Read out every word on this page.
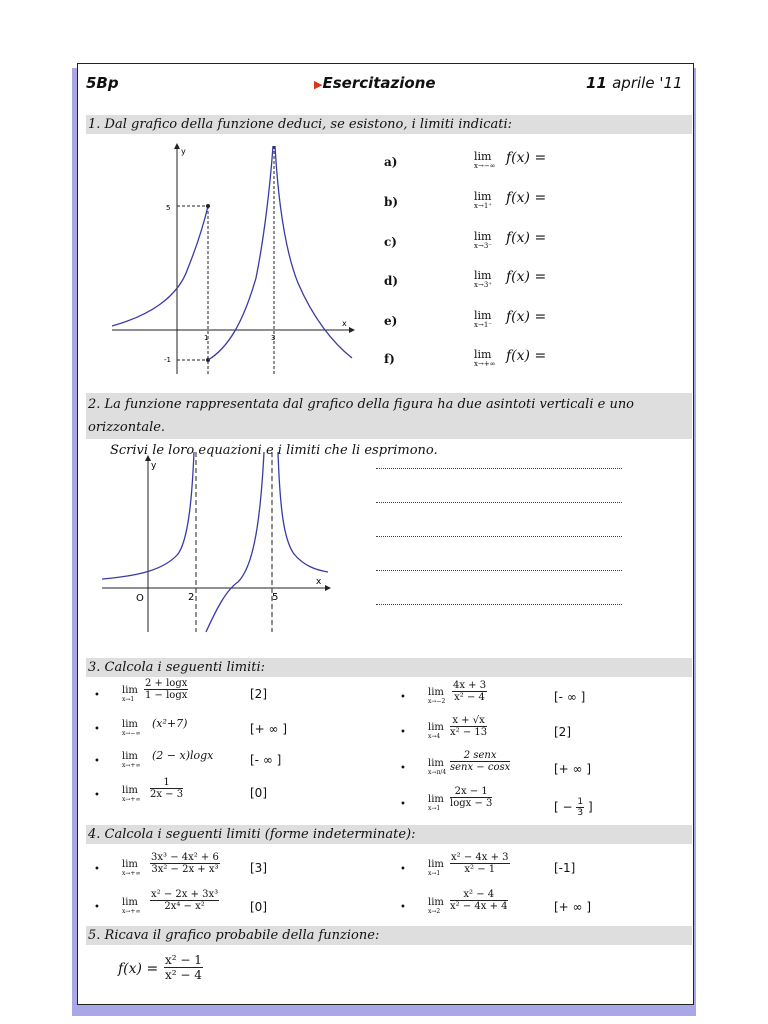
5Bp	▶Esercitazione	11 aprile '11
1. Dal grafico della funzione deduci, se esistono, i limiti indicati:
y
x
5
1	3
-1
a)	lim
x→−∞ f(x) =
b)	lim
x→1⁺ f(x) =
c)	lim
x→3⁻ f(x) =
d)	lim
x→3⁺ f(x) =
e)	lim
x→1⁻ f(x) =
f)	lim
x→+∞ f(x) =
2. La funzione rappresentata dal grafico della figura ha due asintoti verticali e uno orizzontale.
Scrivi le loro equazioni e i limiti che li esprimono.
y
x
O	2	5
3. Calcola i seguenti limiti:
• lim
$x\to 1 \frac{2 + \log x}{1 - \log x}$	[2]
• lim
x→−∞
(x²+7)	[+ ∞ ]
• lim
x→+∞
(2 − x)logx	[- ∞ ]
• lim
$x\to+\infty \frac{1}{2x - 3}$	[0]
• lim
$x\to-2 \frac{4x + 3}{\text{x² − 4}}$	[- ∞ ]
• lim
$x\to 4 \frac{x + √x}{\text{x² − 13}}$	[2]
• lim
x→π/4
2 senx
senx − cosx	[+ ∞ ]
• lim
$x\to 1 \frac{2x - 1}{\log x - 3}$	[ − $\frac{1}{3}$ ]
4. Calcola i seguenti limiti (forme indeterminate):
• lim
$x\to+\infty \frac{\text{3x³ − 4x² + 6}}{\text{3x² − 2x + x³}}$	[3]
• lim
$x\to+\infty \frac{\text{x² − 2x + 3x³}}{\text{2x⁴ − x²}}$	[0]
• lim
$x\to 1 \frac{\text{x² − 4x + 3}}{\text{x² − 1}}$	[-1]
• lim
$x\to 2 \frac{\text{x² − 4}}{\text{x² − 4x + 4}}$	[+ ∞ ]
5. Ricava il grafico probabile della funzione:
$f(x) = \frac{\text{x² − 1}}{\text{x² − 4}}$
